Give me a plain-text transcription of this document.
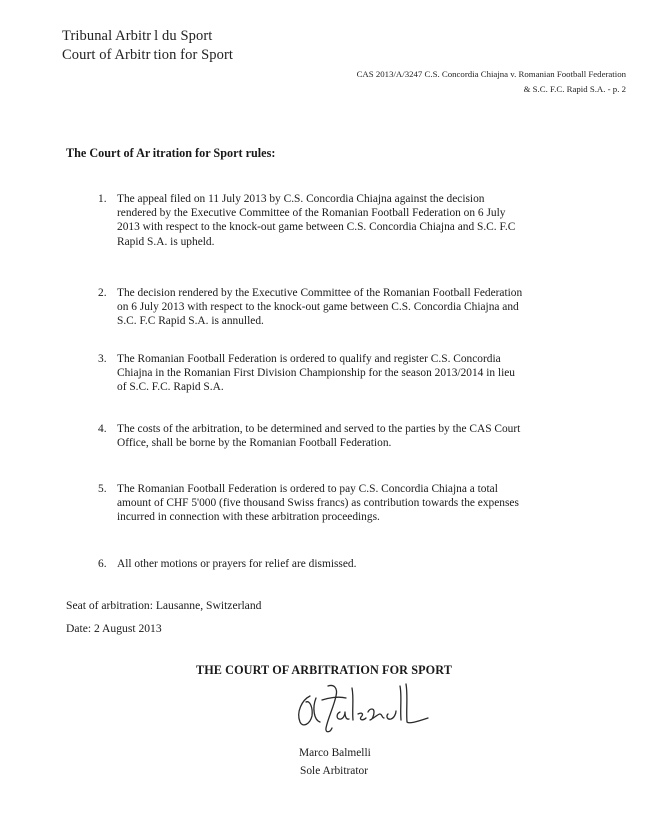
Tribunal Arbitr l du Sport
Court of Arbitr tion for Sport
CAS 2013/A/3247 C.S. Concordia Chiajna v. Romanian Football Federation
& S.C. F.C. Rapid S.A. - p. 2
The Court of Ar itration for Sport rules:
1. The appeal filed on 11 July 2013 by C.S. Concordia Chiajna against the decision
rendered by the Executive Committee of the Romanian Football Federation on 6 July
2013 with respect to the knock-out game between C.S. Concordia Chiajna and S.C. F.C
Rapid S.A. is upheld.
2. The decision rendered by the Executive Committee of the Romanian Football Federation
on 6 July 2013 with respect to the knock-out game between C.S. Concordia Chiajna and
S.C. F.C Rapid S.A. is annulled.
3. The Romanian Football Federation is ordered to qualify and register C.S. Concordia
Chiajna in the Romanian First Division Championship for the season 2013/2014 in lieu
of S.C. F.C. Rapid S.A.
4. The costs of the arbitration, to be determined and served to the parties by the CAS Court
Office, shall be borne by the Romanian Football Federation.
5. The Romanian Football Federation is ordered to pay C.S. Concordia Chiajna a total
amount of CHF 5'000 (five thousand Swiss francs) as contribution towards the expenses
incurred in connection with these arbitration proceedings.
6. All other motions or prayers for relief are dismissed.
Seat of arbitration: Lausanne, Switzerland
Date: 2 August 2013
THE COURT OF ARBITRATION FOR SPORT
Marco Balmelli
Sole Arbitrator
